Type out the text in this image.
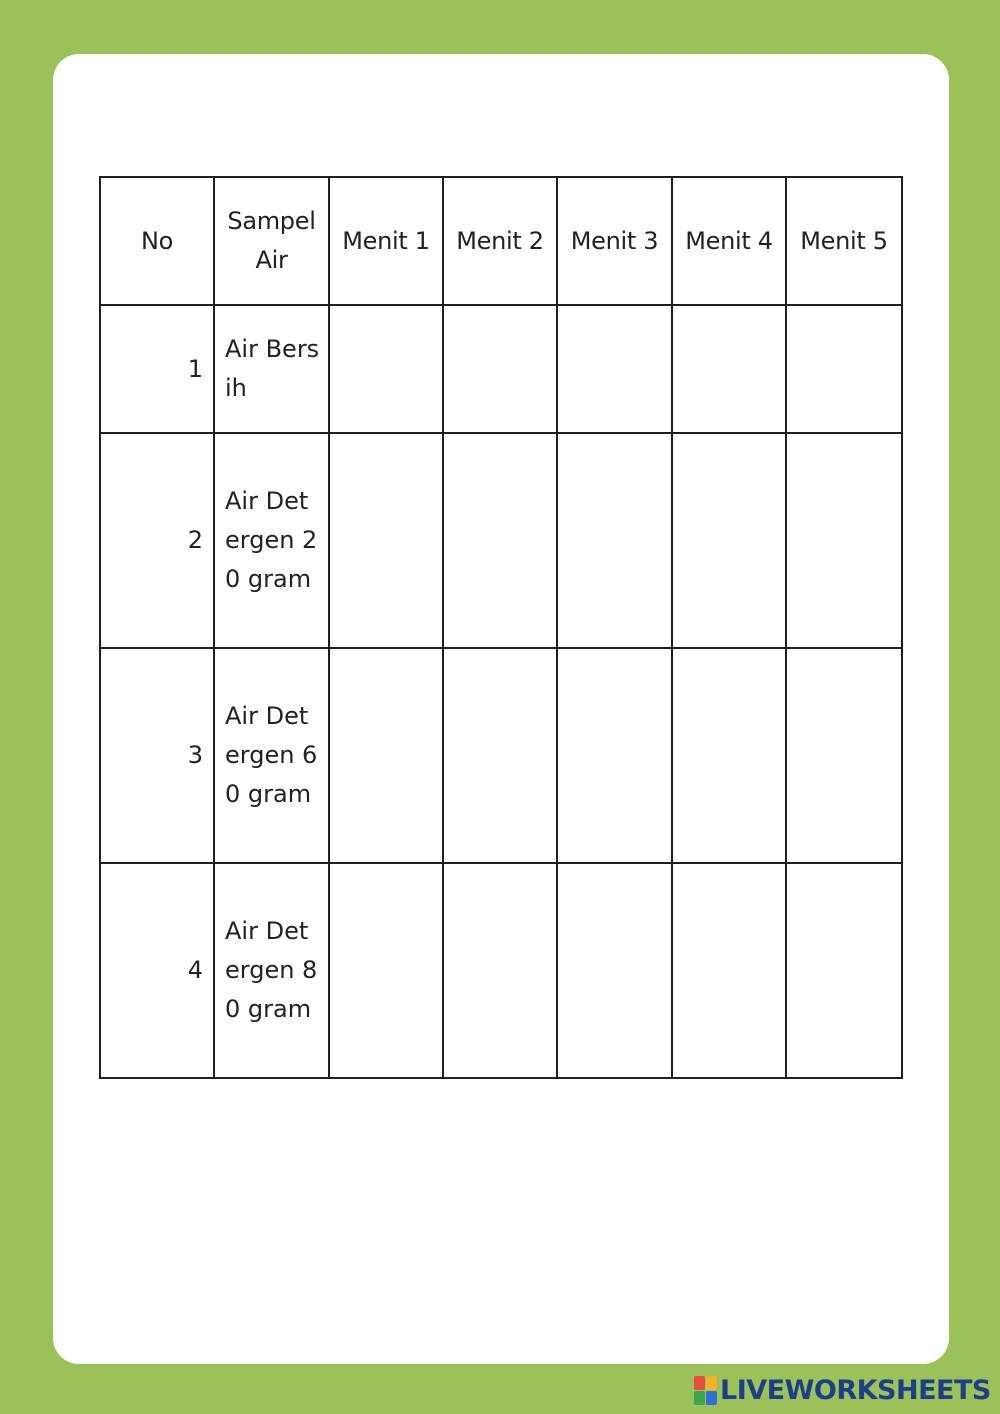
No	Sampel Air	Menit 1	Menit 2	Menit 3	Menit 4	Menit 5
1	Air Bersih					

2	Air Detergen 20 gram					

3	Air Detergen 60 gram					

4	Air Detergen 80 gram					

LIVEWORKSHEETS
